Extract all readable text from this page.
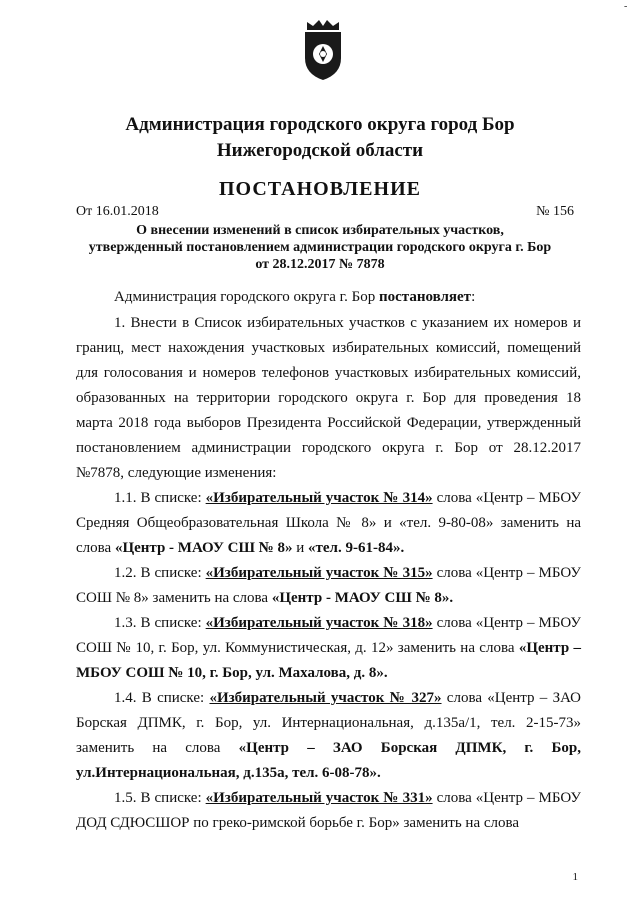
-
Администрация городского округа город Бор
Нижегородской области
ПОСТАНОВЛЕНИЕ
От 16.01.2018	№ 156
О внесении изменений в список избирательных участков,
утвержденный постановлением администрации городского округа г. Бор
от 28.12.2017 № 7878

Администрация городского округа г. Бор постановляет:

1. Внести в Список избирательных участков с указанием их номеров и границ, мест нахождения участковых избирательных комиссий, помещений для голосования и номеров телефонов участковых избирательных комиссий, образованных на территории городского округа г. Бор для проведения 18 марта 2018 года выборов Президента Российской Федерации, утвержденный постановлением администрации городского округа г. Бор от 28.12.2017 №7878, следующие изменения:

1.1. В списке: «Избирательный участок № 314» слова «Центр – МБОУ Средняя Общеобразовательная Школа № 8» и «тел. 9-80-08» заменить на слова «Центр - МАОУ СШ № 8» и «тел. 9-61-84».

1.2. В списке: «Избирательный участок № 315» слова «Центр – МБОУ СОШ № 8» заменить на слова «Центр - МАОУ СШ № 8».

1.3. В списке: «Избирательный участок № 318» слова «Центр – МБОУ СОШ № 10, г. Бор, ул. Коммунистическая, д. 12» заменить на слова «Центр – МБОУ СОШ № 10, г. Бор, ул. Махалова, д. 8».

1.4. В списке: «Избирательный участок № 327» слова «Центр – ЗАО Борская ДПМК, г. Бор, ул. Интернациональная, д.135а/1, тел. 2-15-73» заменить на слова «Центр – ЗАО Борская ДПМК, г. Бор, ул.Интернациональная, д.135а, тел. 6-08-78».

1.5. В списке: «Избирательный участок № 331» слова «Центр – МБОУ ДОД СДЮСШОР по греко-римской борьбе г. Бор» заменить на слова

1
